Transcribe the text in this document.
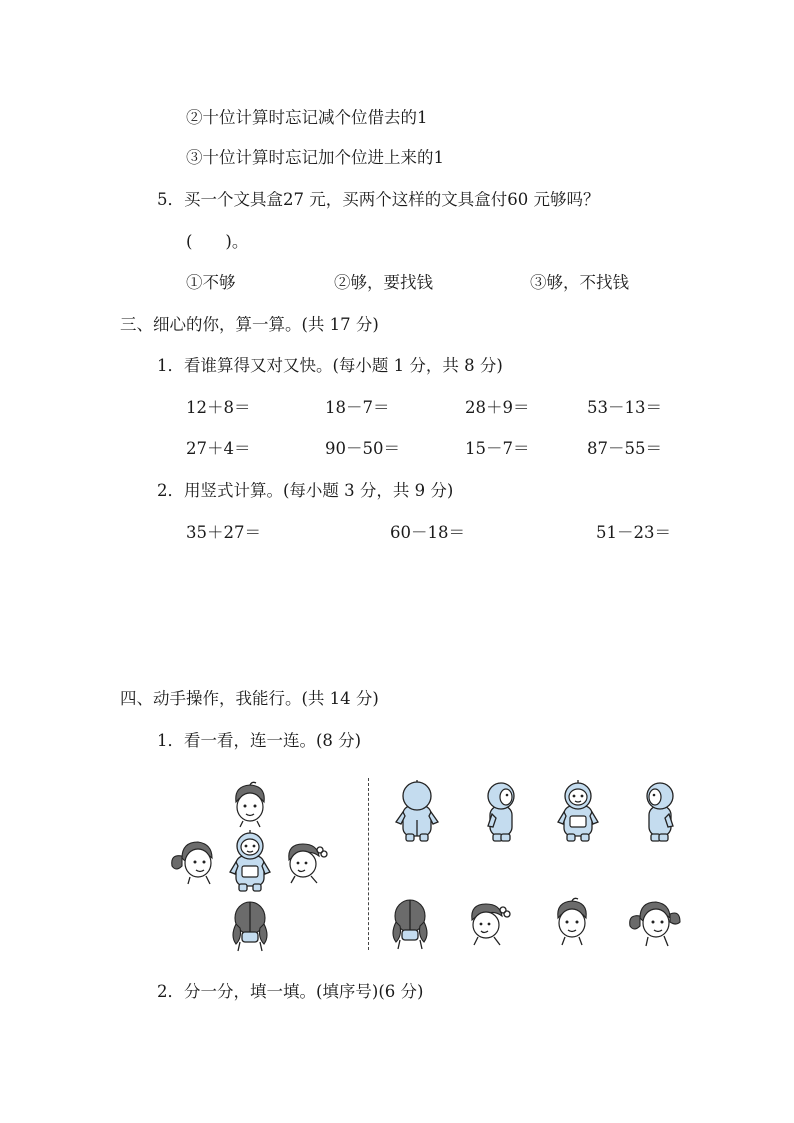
②十位计算时忘记减个位借去的1
③十位计算时忘记加个位进上来的1
5．买一个文具盒27 元，买两个这样的文具盒付60 元够吗？
(　　)。
①不够	②够，要找钱	③够，不找钱
三、细心的你，算一算。(共 17 分)
1．看谁算得又对又快。(每小题 1 分，共 8 分)
12＋8＝	18－7＝	28＋9＝	53－13＝
27＋4＝	90－50＝	15－7＝	87－55＝
2．用竖式计算。(每小题 3 分，共 9 分)
35＋27＝	60－18＝	51－23＝
四、动手操作，我能行。(共 14 分)
1．看一看，连一连。(8 分)
2．分一分，填一填。(填序号)(6 分)
